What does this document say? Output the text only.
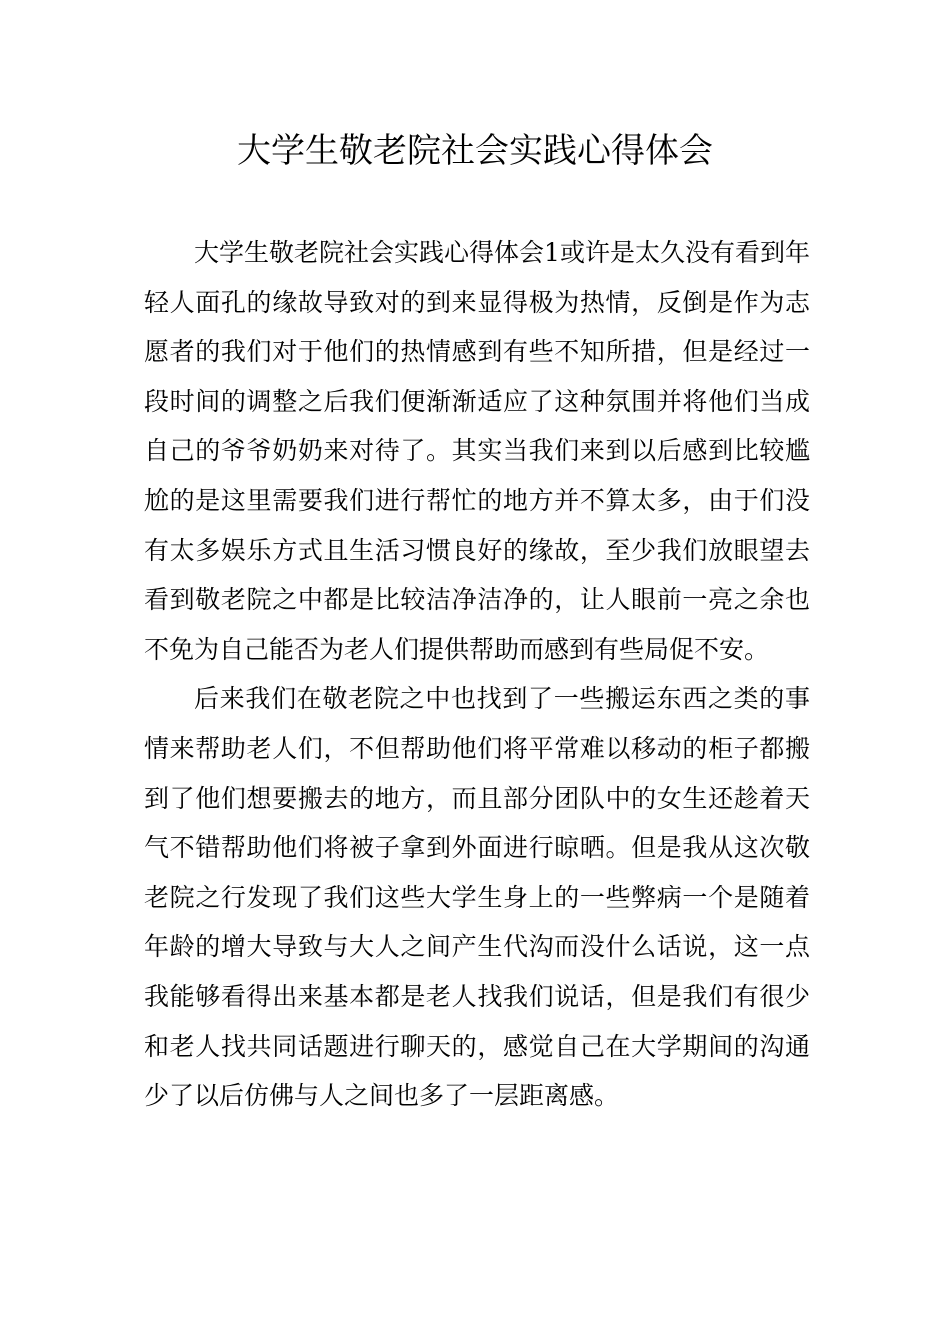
大学生敬老院社会实践心得体会

大学生敬老院社会实践心得体会1或许是太久没有看到年轻人面孔的缘故导致对的到来显得极为热情，反倒是作为志愿者的我们对于他们的热情感到有些不知所措，但是经过一段时间的调整之后我们便渐渐适应了这种氛围并将他们当成自己的爷爷奶奶来对待了。其实当我们来到以后感到比较尴尬的是这里需要我们进行帮忙的地方并不算太多，由于们没有太多娱乐方式且生活习惯良好的缘故，至少我们放眼望去看到敬老院之中都是比较洁净洁净的，让人眼前一亮之余也不免为自己能否为老人们提供帮助而感到有些局促不安。

后来我们在敬老院之中也找到了一些搬运东西之类的事情来帮助老人们，不但帮助他们将平常难以移动的柜子都搬到了他们想要搬去的地方，而且部分团队中的女生还趁着天气不错帮助他们将被子拿到外面进行晾晒。但是我从这次敬老院之行发现了我们这些大学生身上的一些弊病一个是随着年龄的增大导致与大人之间产生代沟而没什么话说，这一点我能够看得出来基本都是老人找我们说话，但是我们有很少和老人找共同话题进行聊天的，感觉自己在大学期间的沟通少了以后仿佛与人之间也多了一层距离感。
